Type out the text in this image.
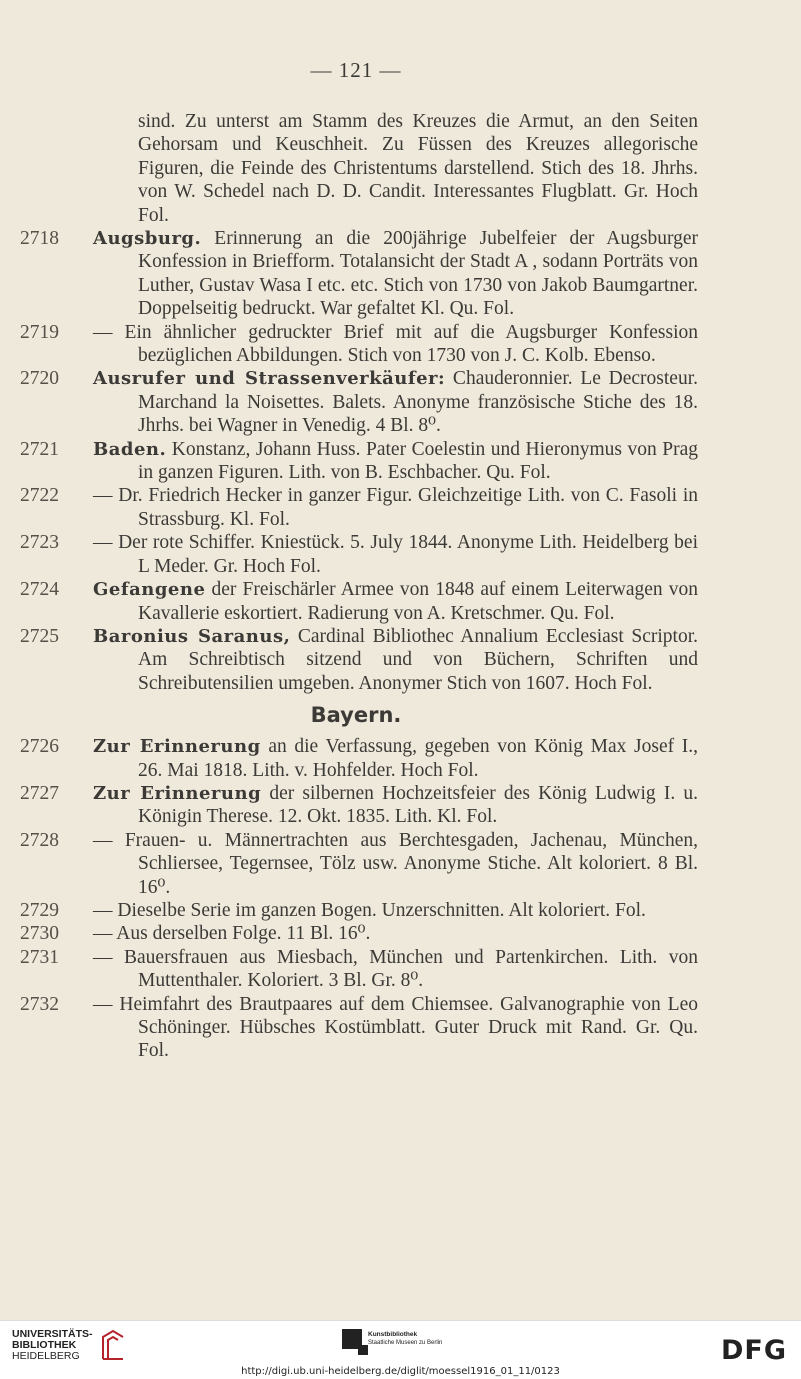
— 121 —
sind. Zu unterst am Stamm des Kreuzes die Armut, an den Seiten Gehorsam und Keuschheit. Zu Füssen des Kreuzes allegorische Figuren, die Feinde des Christentums darstellend. Stich des 18. Jhrhs. von W. Schedel nach D. D. Candit. Interessantes Flugblatt. Gr. Hoch Fol.
2718	Augsburg. Erinnerung an die 200jährige Jubelfeier der Augsburger Konfession in Briefform. Totalansicht der Stadt A , sodann Porträts von Luther, Gustav Wasa I etc. etc. Stich von 1730 von Jakob Baumgartner. Doppelseitig bedruckt. War gefaltet Kl. Qu. Fol.
2719	— Ein ähnlicher gedruckter Brief mit auf die Augsburger Konfession bezüglichen Abbildungen. Stich von 1730 von J. C. Kolb. Ebenso.
2720	Ausrufer und Strassenverkäufer: Chauderonnier. Le Decrosteur. Marchand la Noisettes. Balets. Anonyme französische Stiche des 18. Jhrhs. bei Wagner in Venedig. 4 Bl. 8⁰.
2721	Baden. Konstanz, Johann Huss. Pater Coelestin und Hieronymus von Prag in ganzen Figuren. Lith. von B. Eschbacher. Qu. Fol.
2722	— Dr. Friedrich Hecker in ganzer Figur. Gleichzeitige Lith. von C. Fasoli in Strassburg. Kl. Fol.
2723	— Der rote Schiffer. Kniestück. 5. July 1844. Anonyme Lith. Heidelberg bei L Meder. Gr. Hoch Fol.
2724	Gefangene der Freischärler Armee von 1848 auf einem Leiterwagen von Kavallerie eskortiert. Radierung von A. Kretschmer. Qu. Fol.
2725	Baronius Saranus, Cardinal Bibliothec Annalium Ecclesiast Scriptor. Am Schreibtisch sitzend und von Büchern, Schriften und Schreibutensilien umgeben. Anonymer Stich von 1607. Hoch Fol.
Bayern.
2726	Zur Erinnerung an die Verfassung, gegeben von König Max Josef I., 26. Mai 1818. Lith. v. Hohfelder. Hoch Fol.
2727	Zur Erinnerung der silbernen Hochzeitsfeier des König Ludwig I. u. Königin Therese. 12. Okt. 1835. Lith. Kl. Fol.
2728	— Frauen- u. Männertrachten aus Berchtesgaden, Jachenau, München, Schliersee, Tegernsee, Tölz usw. Anonyme Stiche. Alt koloriert. 8 Bl. 16⁰.
2729	— Dieselbe Serie im ganzen Bogen. Unzerschnitten. Alt koloriert. Fol.
2730	— Aus derselben Folge. 11 Bl. 16⁰.
2731	— Bauersfrauen aus Miesbach, München und Partenkirchen. Lith. von Muttenthaler. Koloriert. 3 Bl. Gr. 8⁰.
2732	— Heimfahrt des Brautpaares auf dem Chiemsee. Galvanographie von Leo Schöninger. Hübsches Kostümblatt. Guter Druck mit Rand. Gr. Qu. Fol.
UNIVERSITÄTS-
BIBLIOTHEK
HEIDELBERG
Kunstbibliothek
Staatliche Museen zu Berlin	DFG
http://digi.ub.uni-heidelberg.de/diglit/moessel1916_01_11/0123
